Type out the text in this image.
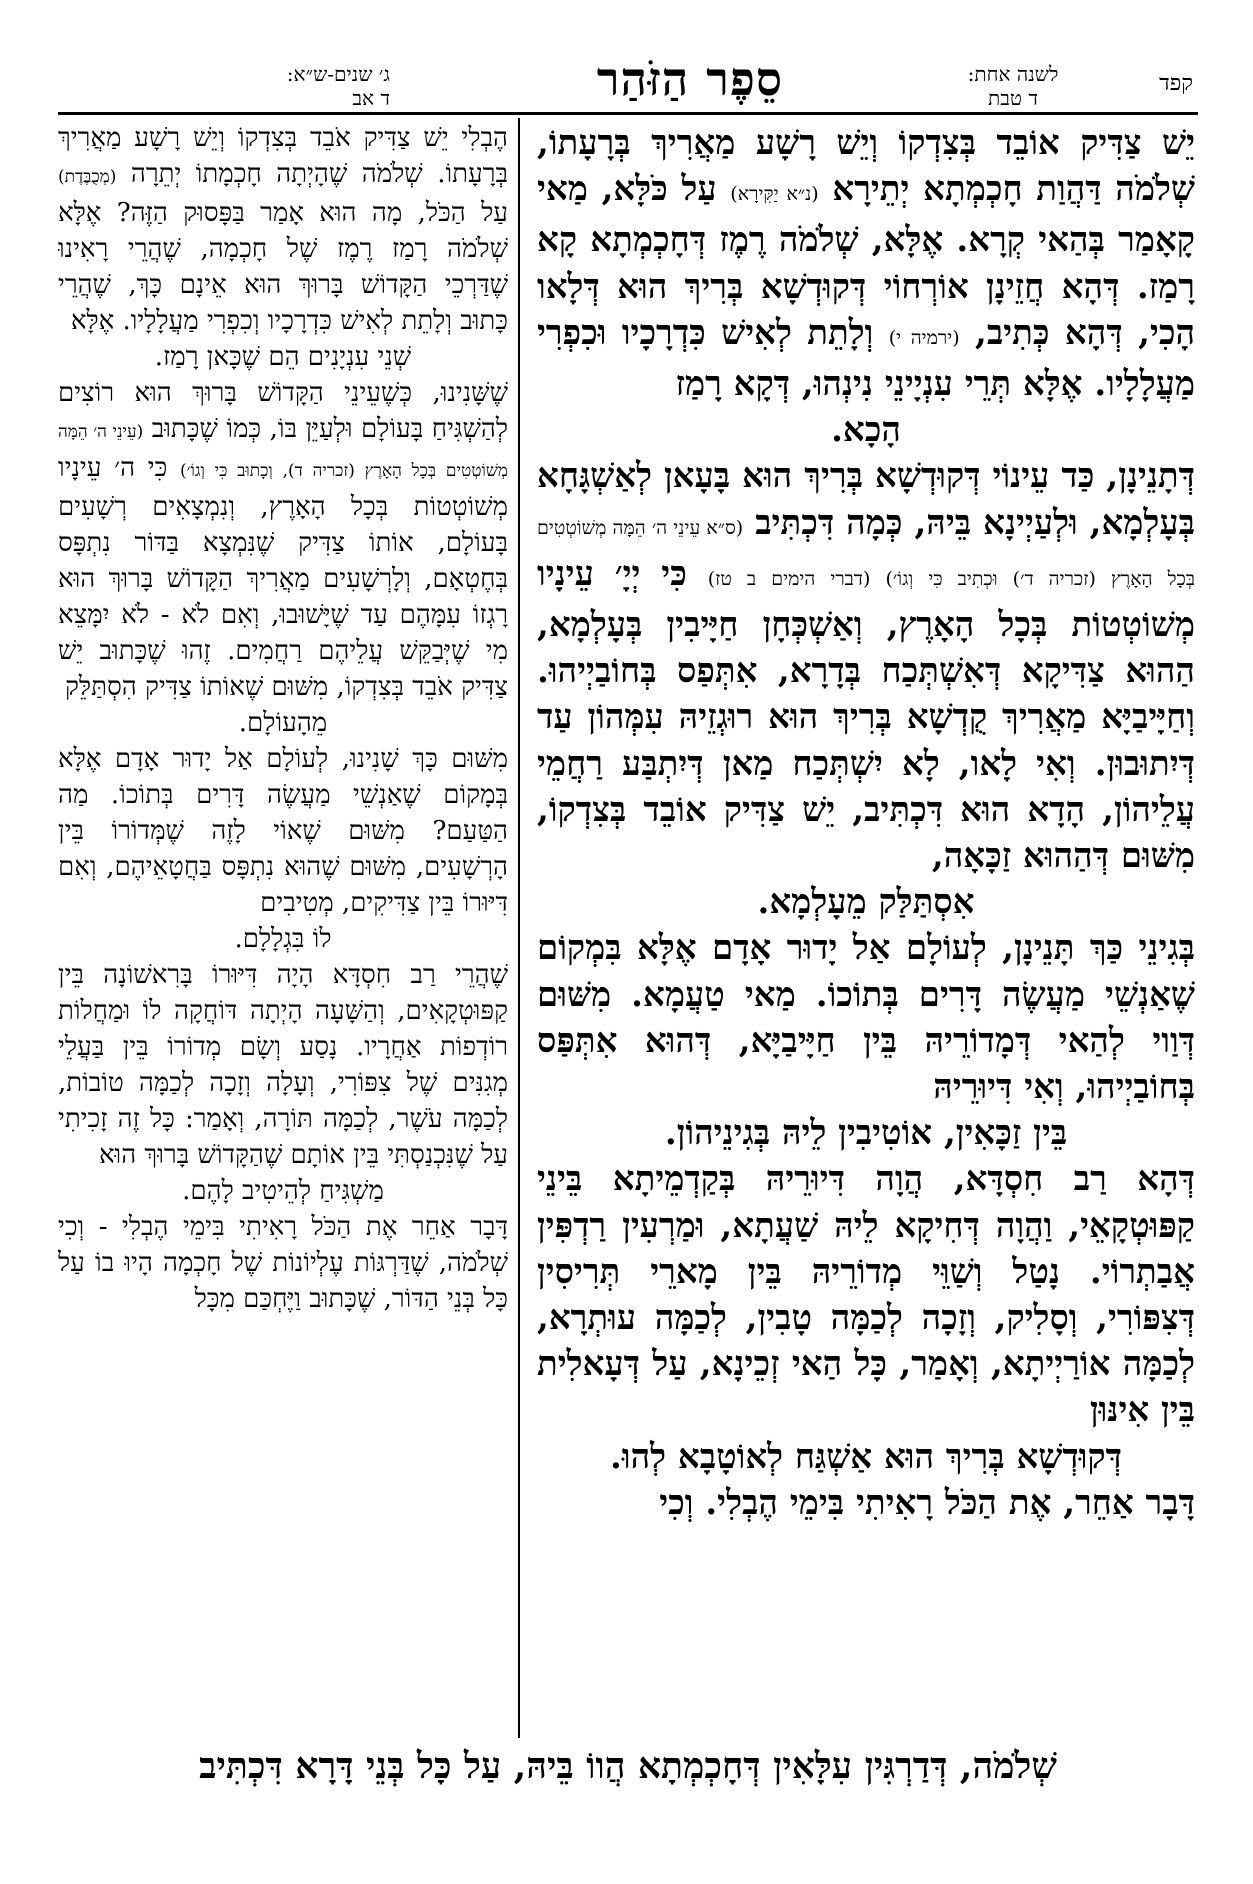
קפד
לשנה אחת:
ד טבת
סֵפֶר הַזֹּהַר
ג׳ שנים-ש״א:
ד אב

יֵשׁ צַדִּיק אוֹבֵד בְּצִדְקוֹ וְיֵשׁ רָשָׁע מַאֲרִיךְ בְּרָעָתוֹ, שְׁלֹמֹה דַּהֲוַת חָכְמְתָא יְתֵירָא (נ״א יַקִּירָא) עַל כֹּלָּא, מַאי קָאָמַר בְּהַאי קְרָא. אֶלָּא, שְׁלֹמֹה רֶמֶז דְּחָכְמְתָא קָא רָמַז. דְּהָא חֲזֵינָן אוֹרְחוֹי דְּקוּדְשָׁא בְּרִיךְ הוּא דְּלָאו הָכִי, דְּהָא כְּתִיב, (ירמיה י) וְלָתֵת לְאִישׁ כִּדְרָכָיו וּכִפְרִי מַעֲלָלָיו. אֶלָּא תְּרֵי עִנְיָינֵי נִינְהוּ, דְּקָא רָמַז

הָכָא.

דְּתָנֵינָן, כַּד עֵינוֹי דְּקוּדְשָׁא בְּרִיךְ הוּא בָּעָאן לְאַשְׁגָּחָא בְּעָלְמָא, וּלְעַיְינָא בֵּיהּ, כְּמָה דִּכְתִּיב (ס״א עֵינֵי ה׳ הֵמָּה מְשׁוֹטְטִים בְּכָל הָאָרֶץ (זכריה ד׳) וּכְתִיב כִּי וְגוֹ׳) (דברי הימים ב טז) כִּי יְיָ׳ עֵינָיו מְשׁוֹטְטוֹת בְּכָל הָאָרֶץ, וְאַשְׁכְּחָן חַיָּיבִין בְּעָלְמָא, הַהוּא צַדִּיקָא דְּאִשְׁתְּכַח בְּדָרָא, אִתְּפַס בְּחוֹבַיְיהוּ. וְחַיָּיבַיָּא מַאֲרִיךְ קֻדְשָׁא בְּרִיךְ הוּא רוּגְזֵיהּ עִמְּהוֹן עַד דְּיִתוּבוּן. וְאִי לָאו, לָא יִשְׁתְּכַח מַאן דְּיִתְבַּע רַחֲמֵי עֲלֵיהוֹן, הָדָא הוּא דִּכְתִּיב, יֵשׁ צַדִּיק אוֹבֵד בְּצִדְקוֹ, מִשּׁוּם דְּהַהוּא זַכָּאָה,

אִסְתַּלַּק מֵעָלְמָא.

בְּגִינֵי כַּךְ תָּנֵינָן, לְעוֹלָם אַל יָדוּר אָדָם אֶלָּא בִּמְקוֹם שֶׁאַנְשֵׁי מַעֲשֶׂה דָּרִים בְּתוֹכוֹ. מַאי טַעֲמָא. מִשּׁוּם דְּוַוי לְהַאי דְּמָדוֹרֵיהּ בֵּין חַיָּיבַיָּא, דְּהוּא אִתְּפַּס בְּחוֹבַיְיהוּ, וְאִי דִּיוּרֵיהּ

בֵּין זַכָּאִין, אוֹטִיבִין לֵיהּ בְּגִינֵיהוֹן.

דְּהָא רַב חִסְדָּא, הֲוָה דִּיוּרֵיהּ בְּקַדְמֵיתָא בֵּינֵי קַפּוּטְקָאֵי, וַהֲוָה דְּחִיקָא לֵיהּ שַׁעֲתָא, וּמַרְעִין רַדְפִּין אֲבַתְרוֹי. נָטַל וְשַׁוֵּי מְדוֹרֵיהּ בֵּין מָארֵי תְּרִיסִין דְּצִפּוֹרִי, וְסָלִיק, וְזָכָה לְכַמָּה טָבִין, לְכַמָּה עוּתְרָא, לְכַמָּה אוֹרַיְיתָא, וְאָמַר, כָּל הַאי זְכֵינָא, עַל דְּעָאלִית בֵּין אִינּוּן

דְּקוּדְשָׁא בְּרִיךְ הוּא אַשְׁגַּח לְאוֹטָבָא לְהוּ.

דָּבָר אַחֵר, אֶת הַכֹּל רָאִיתִי בִּימֵי הֶבְלִי. וְכִי

הֶבְלִי יֵשׁ צַדִּיק אֹבֵד בְּצִדְקוֹ וְיֵשׁ רָשָׁע מַאֲרִיךְ בְּרָעָתוֹ. שְׁלֹמֹה שֶׁהָיְתָה חָכְמָתוֹ יְתֵרָה (מְכֻבֶּדֶת) עַל הַכֹּל, מָה הוּא אָמַר בַּפָּסוּק הַזֶּה? אֶלָּא שְׁלֹמֹה רָמַז רֶמֶז שֶׁל חָכְמָה, שֶׁהֲרֵי רָאִינוּ שֶׁדַּרְכֵי הַקָּדוֹשׁ בָּרוּךְ הוּא אֵינָם כָּךְ, שֶׁהֲרֵי כָּתוּב וְלָתֵת לְאִישׁ כִּדְרָכָיו וְכִפְרִי מַעֲלָלָיו. אֶלָּא

שְׁנֵי עִנְיָנִים הֵם שֶׁכָּאן רָמַז.

שֶׁשָּׁנִינוּ, כְּשֶׁעֵינֵי הַקָּדוֹשׁ בָּרוּךְ הוּא רוֹצִים לְהַשְׁגִּיחַ בָּעוֹלָם וּלְעַיֵּן בּוֹ, כְּמוֹ שֶׁכָּתוּב (עֵינֵי ה׳ הֵמָּה מְשׁוֹטְטִים בְּכָל הָאָרֶץ (זכריה ד), וְכָתוּב כִּי וְגוֹ׳) כִּי ה׳ עֵינָיו מְשׁוֹטְטוֹת בְּכָל הָאָרֶץ, וְנִמְצָאִים רְשָׁעִים בָּעוֹלָם, אוֹתוֹ צַדִּיק שֶׁנִּמְצָא בַּדּוֹר נִתְפָּס בְּחֶטְאָם, וְלָרְשָׁעִים מַאֲרִיךְ הַקָּדוֹשׁ בָּרוּךְ הוּא רָגְזוֹ עִמָּהֶם עַד שֶׁיָּשׁוּבוּ, וְאִם לֹא - לֹא יִמָּצֵא מִי שֶׁיְּבַקֵּשׁ עֲלֵיהֶם רַחֲמִים. זֶהוּ שֶׁכָּתוּב יֵשׁ צַדִּיק אֹבֵד בְּצִדְקוֹ, מִשּׁוּם שֶׁאוֹתוֹ צַדִּיק הִסְתַּלֵּק

מֵהָעוֹלָם.

מִשּׁוּם כָּךְ שָׁנִינוּ, לְעוֹלָם אַל יָדוּר אָדָם אֶלָּא בְּמָקוֹם שֶׁאַנְשֵׁי מַעֲשֶׂה דָּרִים בְּתוֹכוֹ. מַה הַטַּעַם? מִשּׁוּם שֶׁאוֹי לָזֶה שֶׁמְּדוֹרוֹ בֵּין הָרְשָׁעִים, מִשּׁוּם שֶׁהוּא נִתְפָּס בַּחֲטָאֵיהֶם, וְאִם דִּיּוּרוֹ בֵּין צַדִּיקִים, מְטִיבִים

לוֹ בִּגְלָלָם.

שֶׁהֲרֵי רַב חִסְדָּא הָיָה דִּיּוּרוֹ בָּרִאשׁוֹנָה בֵּין קַפּוּטְקָאִים, וְהַשָּׁעָה הָיְתָה דּוֹחֲקָה לוֹ וּמַחֲלוֹת רוֹדְפוֹת אַחֲרָיו. נָסַע וְשָׂם מְדוֹרוֹ בֵּין בַּעֲלֵי מְגִנִּים שֶׁל צִפּוֹרִי, וְעָלָה וְזָכָה לְכַמָּה טוֹבוֹת, לְכַמָּה עֹשֶׁר, לְכַמָּה תּוֹרָה, וְאָמַר: כָּל זֶה זָכִיתִי עַל שֶׁנִּכְנַסְתִּי בֵּין אוֹתָם שֶׁהַקָּדוֹשׁ בָּרוּךְ הוּא

מַשְׁגִּיחַ לְהֵיטִיב לָהֶם.

דָּבָר אַחֵר אֶת הַכֹּל רָאִיתִי בִּימֵי הֶבְלִי - וְכִי שְׁלֹמֹה, שֶׁדַּרְגּוֹת עֶלְיוֹנוֹת שֶׁל חָכְמָה הָיוּ בוֹ עַל כָּל בְּנֵי הַדּוֹר, שֶׁכָּתוּב וַיֶּחְכַּם מִכָּל

שְׁלֹמֹה, דְּדַרְגִּין עִלָּאִין דְּחָכְמְתָא הֲווֹ בֵּיהּ, עַל כָּל בְּנֵי דָּרָא דִּכְתִּיב
